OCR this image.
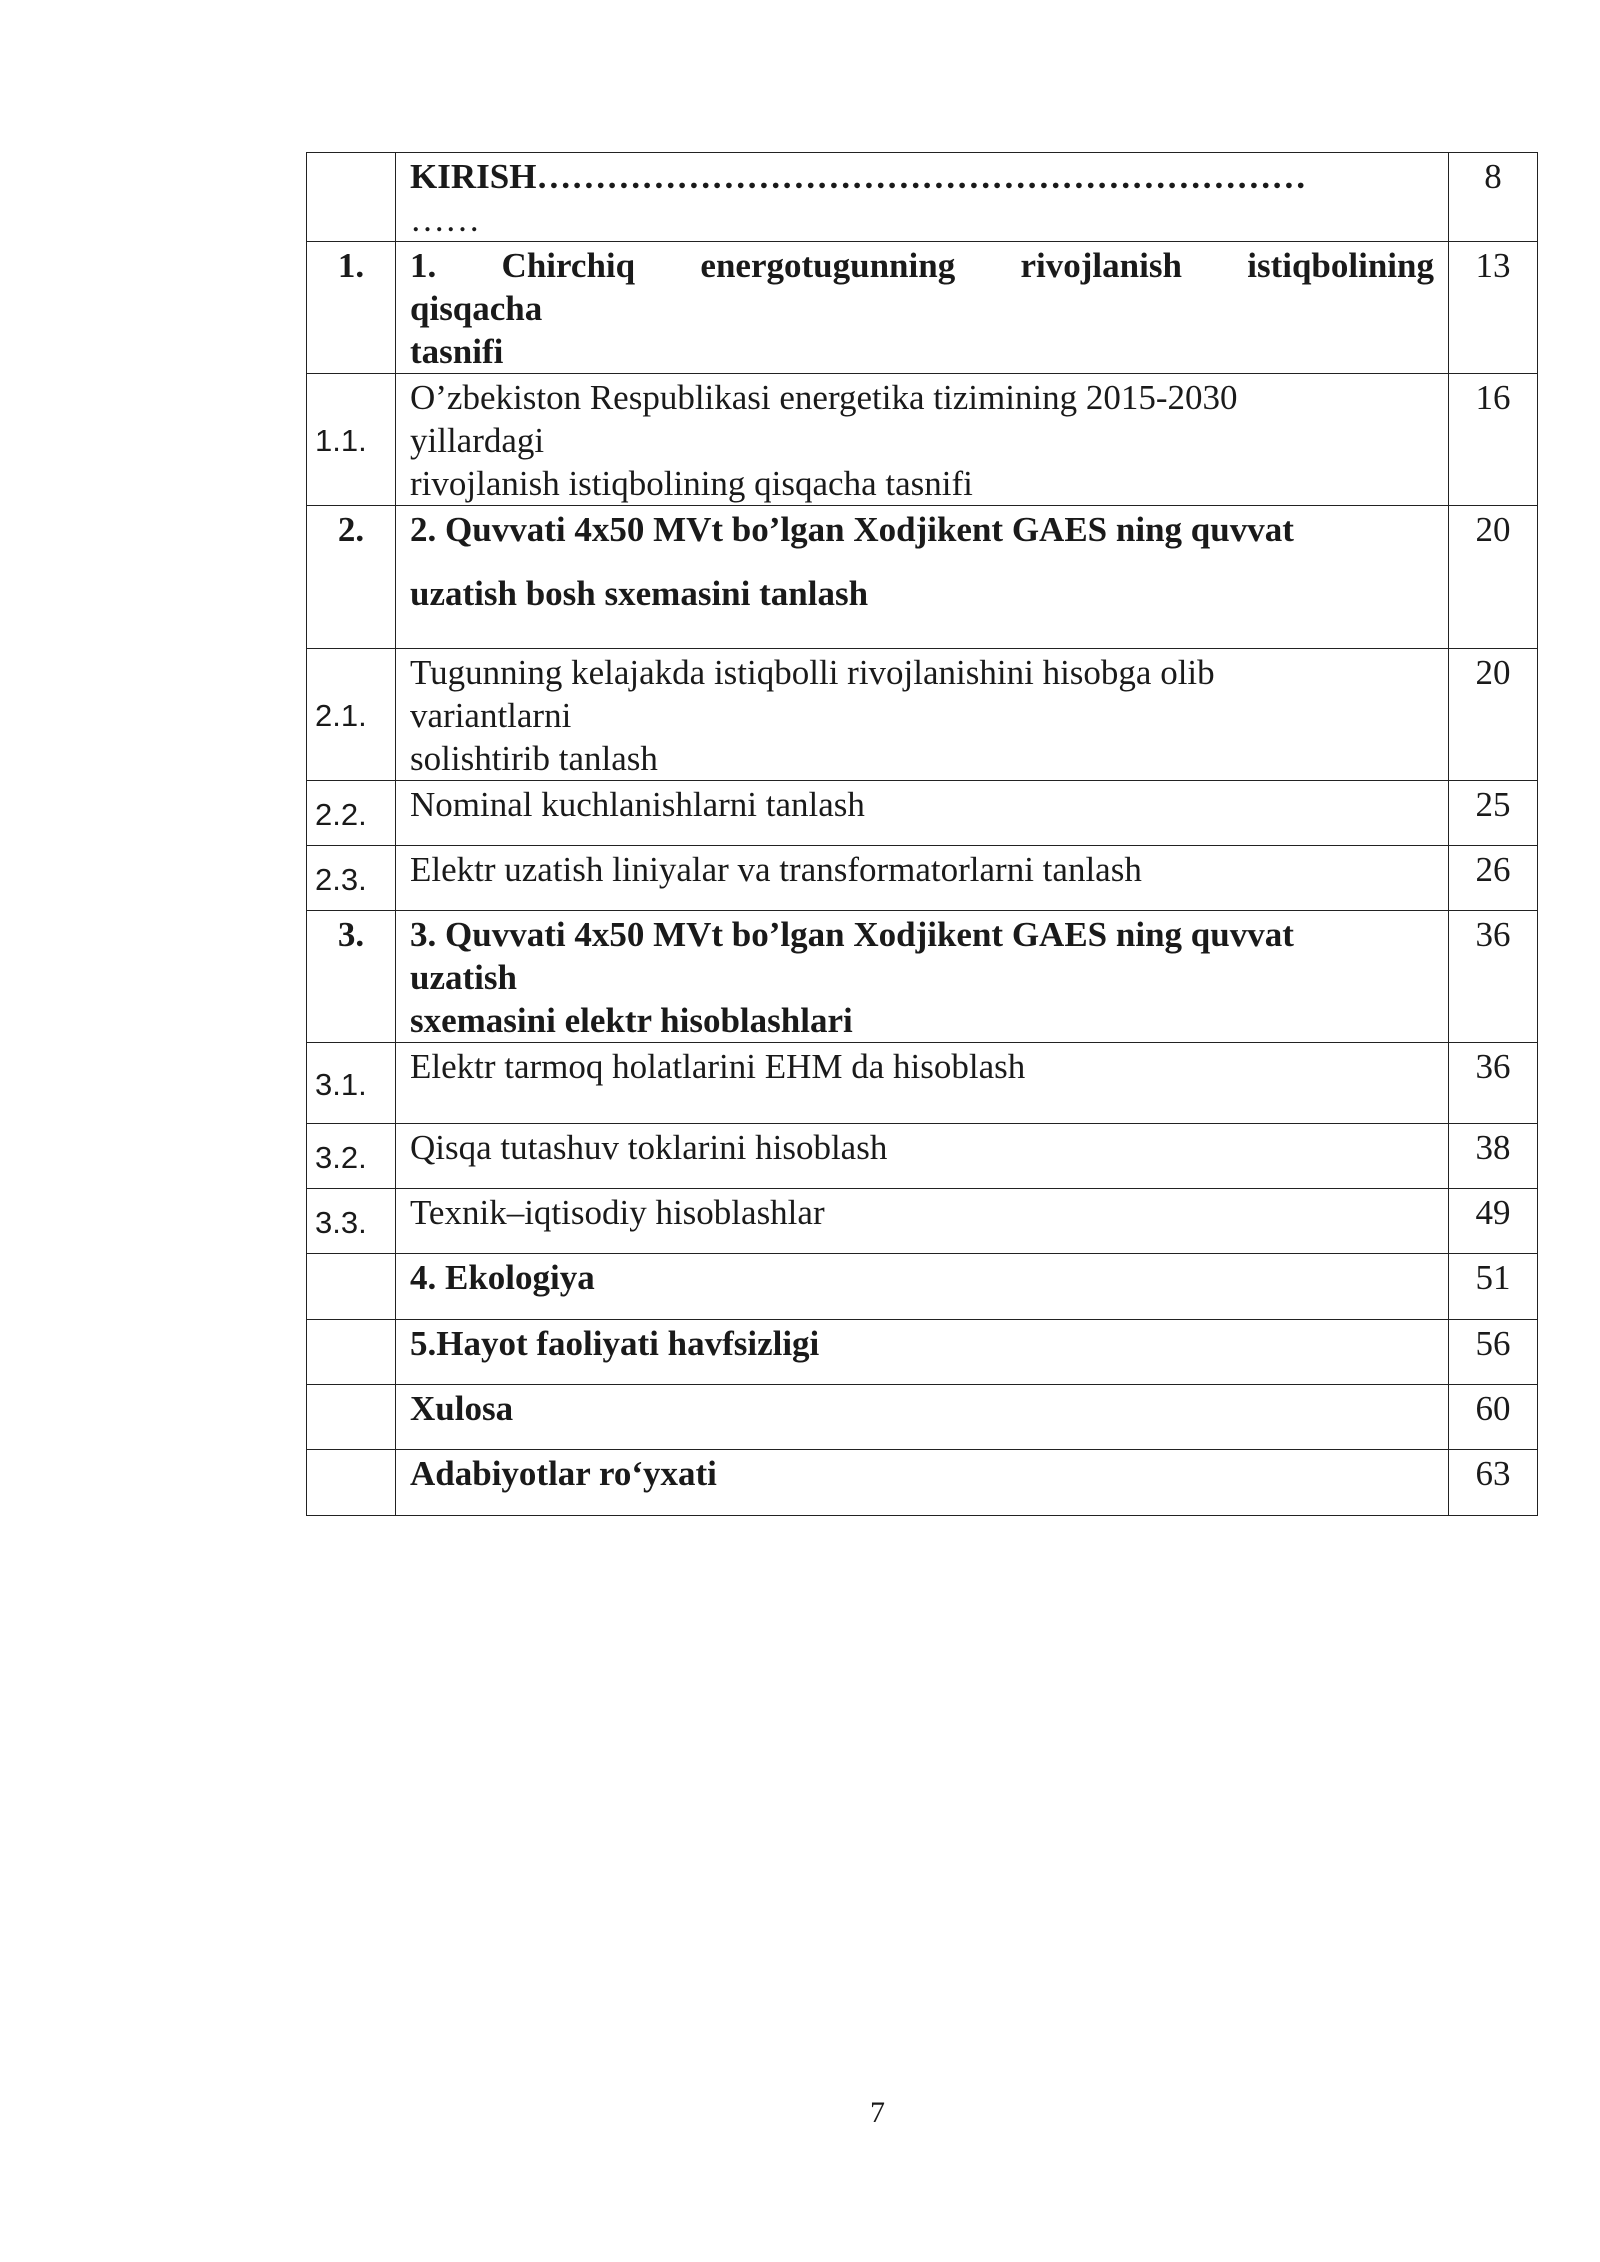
	KIRISH…………………………………………………………
……	8
1.	1. Chirchiq energotugunning rivojlanish istiqbolining
qisqacha
tasnifi	13
1.1.	O’zbekiston Respublikasi energetika tizimining 2015-2030
yillardagi
rivojlanish istiqbolining qisqacha tasnifi	16
2.	2. Quvvati 4x50 MVt bo’lgan Xodjikent GAES ning quvvat
uzatish bosh sxemasini tanlash	20
2.1.	Tugunning kelajakda istiqbolli rivojlanishini hisobga olib
variantlarni
solishtirib tanlash	20
2.2.	Nominal kuchlanishlarni tanlash	25
2.3.	Elektr uzatish liniyalar va transformatorlarni tanlash	26
3.	3. Quvvati 4x50 MVt bo’lgan Xodjikent GAES ning quvvat
uzatish
sxemasini elektr hisoblashlari	36
3.1.	Elektr tarmoq holatlarini EHM da hisoblash	36
3.2.	Qisqa tutashuv toklarini hisoblash	38
3.3.	Texnik–iqtisodiy hisoblashlar	49

	4. Ekologiya	51

	5.Hayot faoliyati havfsizligi	56

	Xulosa	60

	Adabiyotlar ro‘yxati	63
7
